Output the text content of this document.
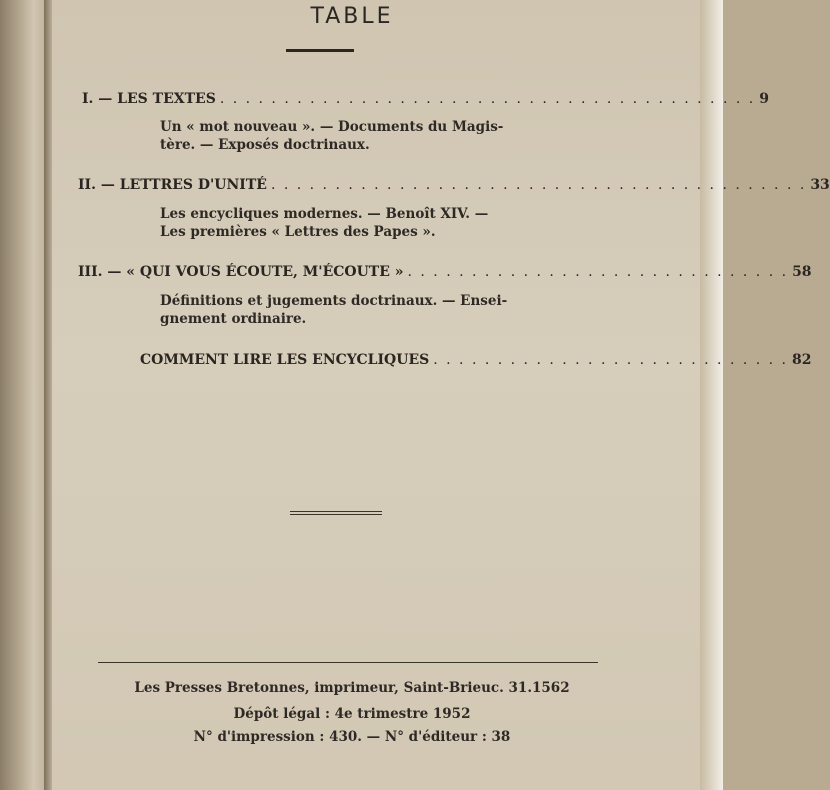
TABLE
I. — LES TEXTES . . . . . . . . . . . . . . . . . . . . . . . . . . . . . . . . . . . . . . . . . . 9
Un « mot nouveau ». — Documents du Magis-
tère. — Exposés doctrinaux.
II. — LETTRES D'UNITÉ . . . . . . . . . . . . . . . . . . . . . . . . . . . . . . . . . . . . . . . . . . 33
Les encycliques modernes. — Benoît XIV. —
Les premières « Lettres des Papes ».
III. — « QUI VOUS ÉCOUTE, M'ÉCOUTE » . . . . . . . . . . . . . . . . . . . . . . . . . . . . . . 58
Définitions et jugements doctrinaux. — Ensei-
gnement ordinaire.
COMMENT LIRE LES ENCYCLIQUES . . . . . . . . . . . . . . . . . . . . . . . . . . . . 82
Les Presses Bretonnes, imprimeur, Saint-Brieuc. 31.1562
Dépôt légal : 4e trimestre 1952
N° d'impression : 430. — N° d'éditeur : 38
